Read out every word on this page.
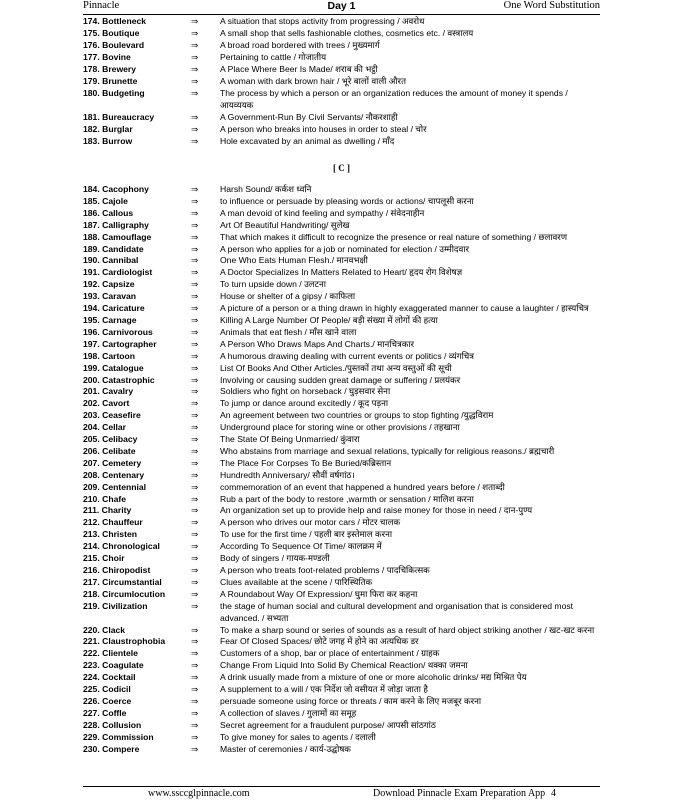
Pinnacle	Day 1	One Word Substitution
174. Bottleneck	⇒	A situation that stops activity from progressing / अवरोध
175. Boutique	⇒	A small shop that sells fashionable clothes, cosmetics etc. / वस्त्रालय
176. Boulevard	⇒	A broad road bordered with trees / मुख्यमार्ग
177. Bovine	⇒	Pertaining to cattle / गोजातीय
178. Brewery	⇒	A Place Where Beer Is Made/ शराब की भट्ठी
179. Brunette	⇒	A woman with dark brown hair / भूरे बालों वाली औरत
180. Budgeting	⇒	The process by which a person or an organization reduces the amount of money it spends / आयव्ययक
181. Bureaucracy	⇒	A Government-Run By Civil Servants/ नौकरशाही
182. Burglar	⇒	A person who breaks into houses in order to steal / चोर
183. Burrow	⇒	Hole excavated by an animal as dwelling / माँद
[ C ]
184. Cacophony	⇒	Harsh Sound/ कर्कश ध्वनि
185. Cajole	⇒	to influence or persuade by pleasing words or actions/ चापलूसी करना
186. Callous	⇒	A man devoid of kind feeling and sympathy / संवेदनाहीन
187. Calligraphy	⇒	Art Of Beautiful Handwriting/ सुलेख
188. Camouflage	⇒	That which makes it difficult to recognize the presence or real nature of something / छलावरण
189. Candidate	⇒	A person who applies for a job or nominated for election / उम्मीदवार
190. Cannibal	⇒	One Who Eats Human Flesh./ मानवभक्षी
191. Cardiologist	⇒	A Doctor Specializes In Matters Related to Heart/ हृदय रोग विशेषज्ञ
192. Capsize	⇒	To turn upside down / उलटना
193. Caravan	⇒	House or shelter of a gipsy / काफिला
194. Caricature	⇒	A picture of a person or a thing drawn in highly exaggerated manner to cause a laughter / हास्यचित्र
195. Carnage	⇒	Killing A Large Number Of People/ बड़ी संख्या में लोगों की हत्या
196. Carnivorous	⇒	Animals that eat flesh / माँस खाने वाला
197. Cartographer	⇒	A Person Who Draws Maps And Charts./ मानचित्रकार
198. Cartoon	⇒	A humorous drawing dealing with current events or politics / व्यंगचित्र
199. Catalogue	⇒	List Of Books And Other Articles./पुस्तकों तथा अन्य वस्तुओं की सूची
200. Catastrophic	⇒	Involving or causing sudden great damage or suffering / प्रलयंकर
201. Cavalry	⇒	Soldiers who fight on horseback / घुड़सवार सेना
202. Cavort	⇒	To jump or dance around excitedly / कूद पड़ना
203. Ceasefire	⇒	An agreement between two countries or groups to stop fighting /युद्धविराम
204. Cellar	⇒	Underground place for storing wine or other provisions / तहखाना
205. Celibacy	⇒	The State Of Being Unmarried/ कुंवारा
206. Celibate	⇒	Who abstains from marriage and sexual relations, typically for religious reasons./ ब्रह्मचारी
207. Cemetery	⇒	The Place For Corpses To Be Buried/कब्रिस्तान
208. Centenary	⇒	Hundredth Anniversary/ सौवीं वर्षगांठ।
209. Centennial	⇒	commemoration of an event that happened a hundred years before / शताब्दी
210. Chafe	⇒	Rub a part of the body to restore ,warmth or sensation / मालिश करना
211. Charity	⇒	An organization set up to provide help and raise money for those in need / दान-पुण्य
212. Chauffeur	⇒	A person who drives our motor cars / मोटर चालक
213. Christen	⇒	To use for the first time / पहली बार इस्तेमाल करना
214. Chronological	⇒	According To Sequence Of Time/ कालक्रम में
215. Choir	⇒	Body of singers / गायक-मण्डली
216. Chiropodist	⇒	A person who treats foot-related problems / पादचिकित्सक
217. Circumstantial	⇒	Clues available at the scene / पारिस्थितिक
218. Circumlocution	⇒	A Roundabout Way Of Expression/ घुमा फिरा कर कहना
219. Civilization	⇒	the stage of human social and cultural development and organisation that is considered most advanced. / सभ्यता
220. Clack	⇒	To make a sharp sound or series of sounds as a result of hard object striking another / खट-खट करना
221. Claustrophobia	⇒	Fear Of Closed Spaces/ छोटे जगह में होने का अत्यधिक डर
222. Clientele	⇒	Customers of a shop, bar or place of entertainment / ग्राहक
223. Coagulate	⇒	Change From Liquid Into Solid By Chemical Reaction/ थक्का जमना
224. Cocktail	⇒	A drink usually made from a mixture of one or more alcoholic drinks/ मद्य मिश्रित पेय
225. Codicil	⇒	A supplement to a will / एक निर्देश जो वसीयत में जोड़ा जाता है
226. Coerce	⇒	persuade someone using force or threats / काम करने के लिए मजबूर करना
227. Coffle	⇒	A collection of slaves / गुलामों का समूह
228. Collusion	⇒	Secret agreement for a fraudulent purpose/ आपसी सांठगांठ
229. Commission	⇒	To give money for sales to agents / दलाली
230. Compere	⇒	Master of ceremonies / कार्य-उद्घोषक
www.ssccglpinnacle.com	Download Pinnacle Exam Preparation App 4
